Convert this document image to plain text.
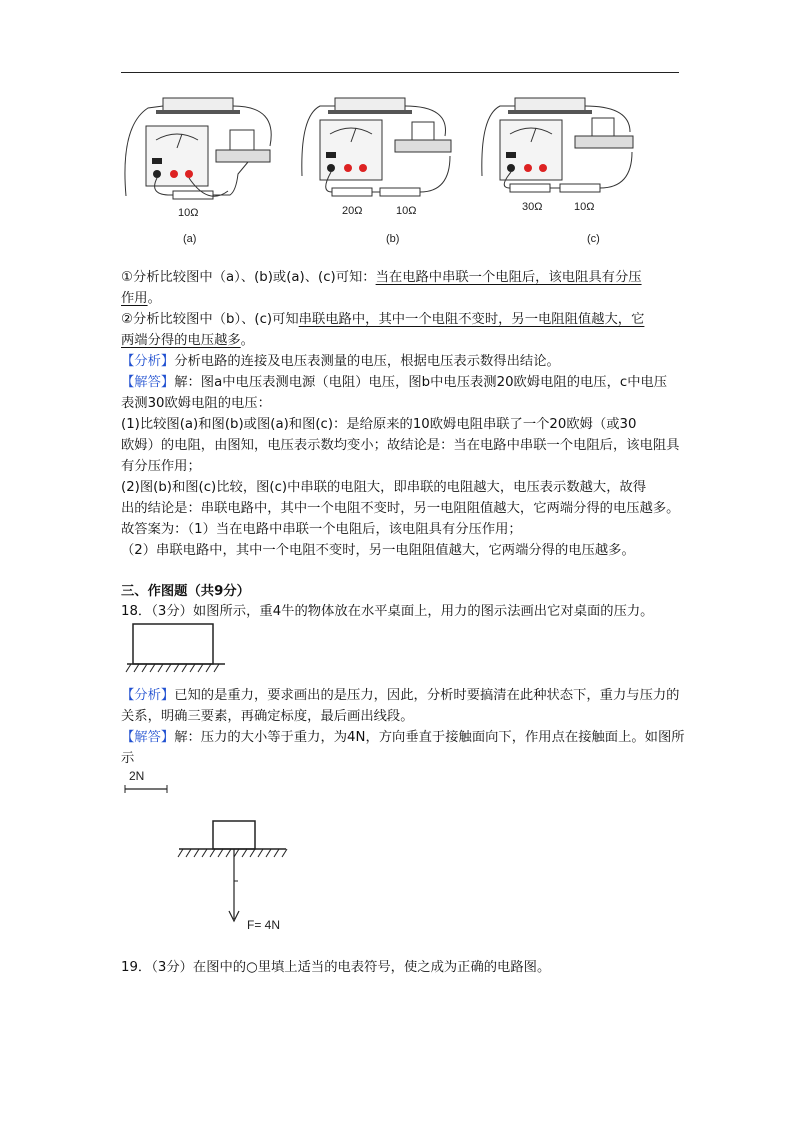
10Ω
(a)
20Ω	10Ω
(b)
30Ω	10Ω
(c)
①分析比较图中（a）、(b)或(a)、(c)可知：当在电路中串联一个电阻后，该电阻具有分压
作用。
②分析比较图中（b）、(c)可知串联电路中，其中一个电阻不变时，另一电阻阻值越大，它
两端分得的电压越多。
【分析】分析电路的连接及电压表测量的电压，根据电压表示数得出结论。
【解答】解：图a中电压表测电源（电阻）电压，图b中电压表测20欧姆电阻的电压，c中电压
表测30欧姆电阻的电压：
(1)比较图(a)和图(b)或图(a)和图(c)：是给原来的10欧姆电阻串联了一个20欧姆（或30
欧姆）的电阻，由图知，电压表示数均变小；故结论是：当在电路中串联一个电阻后，该电阻具
有分压作用；
(2)图(b)和图(c)比较，图(c)中串联的电阻大，即串联的电阻越大，电压表示数越大，故得
出的结论是：串联电路中，其中一个电阻不变时，另一电阻阻值越大，它两端分得的电压越多。
故答案为：（1）当在电路中串联一个电阻后，该电阻具有分压作用；
（2）串联电路中，其中一个电阻不变时，另一电阻阻值越大，它两端分得的电压越多。
三、作图题（共9分）
18．（3分）如图所示，重4牛的物体放在水平桌面上，用力的图示法画出它对桌面的压力。
【分析】已知的是重力，要求画出的是压力，因此，分析时要搞清在此种状态下，重力与压力的
关系，明确三要素，再确定标度，最后画出线段。
【解答】解：压力的大小等于重力，为4N，方向垂直于接触面向下，作用点在接触面上。如图所
示
2N
F= 4N
19．（3分）在图中的○里填上适当的电表符号，使之成为正确的电路图。
